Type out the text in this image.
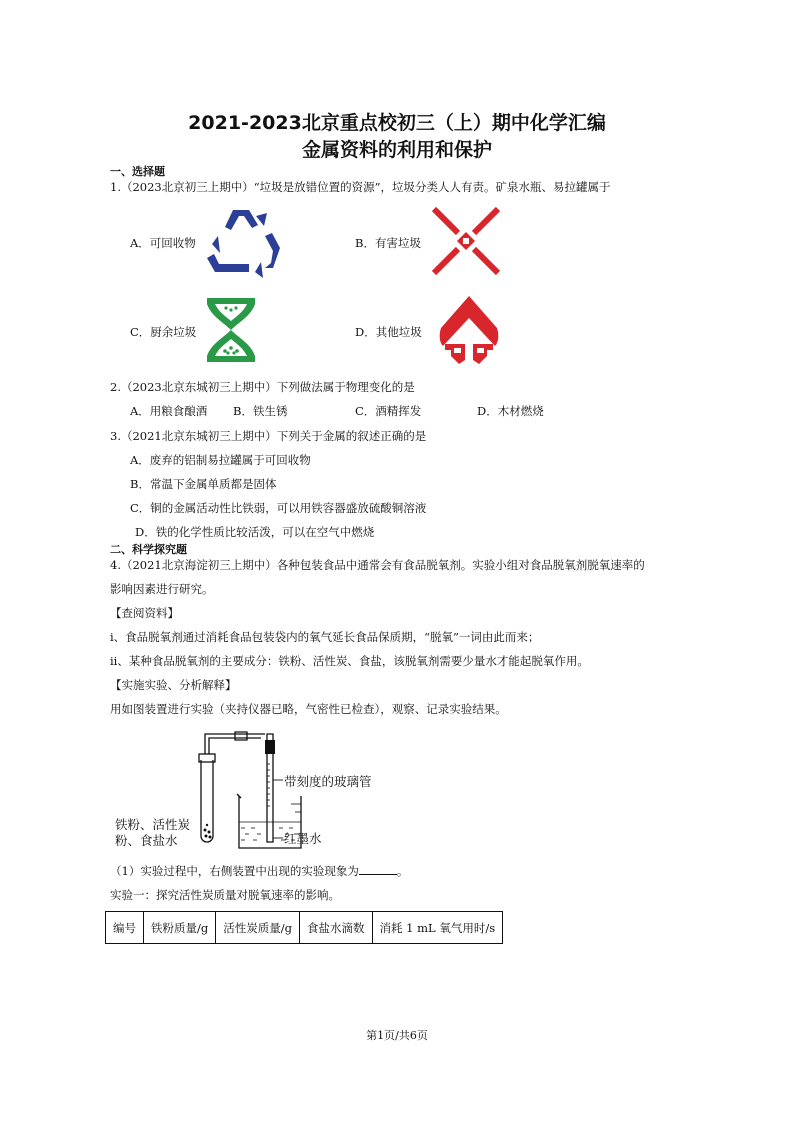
2021-2023北京重点校初三（上）期中化学汇编
金属资料的利用和保护
一、选择题
1.（2023北京初三上期中）“垃圾是放错位置的资源”，垃圾分类人人有责。矿泉水瓶、易拉罐属于
A．可回收物	B．有害垃圾
C．厨余垃圾	D．其他垃圾
2.（2023北京东城初三上期中）下列做法属于物理变化的是
A．用粮食酿酒 B．铁生锈	C．酒精挥发	D．木材燃烧
3.（2021北京东城初三上期中）下列关于金属的叙述正确的是
A．废弃的铝制易拉罐属于可回收物
B．常温下金属单质都是固体
C．铜的金属活动性比铁弱，可以用铁容器盛放硫酸铜溶液
D．铁的化学性质比较活泼，可以在空气中燃烧
二、科学探究题
4.（2021北京海淀初三上期中）各种包装食品中通常会有食品脱氧剂。实验小组对食品脱氧剂脱氧速率的
影响因素进行研究。
【查阅资料】
i、食品脱氧剂通过消耗食品包装袋内的氧气延长食品保质期，“脱氧”一词由此而来；
ii、某种食品脱氧剂的主要成分：铁粉、活性炭、食盐，该脱氧剂需要少量水才能起脱氧作用。
【实施实验、分析解释】
用如图装置进行实验（夹持仪器已略，气密性已检查），观察、记录实验结果。
带刻度的玻璃管
红墨水
铁粉、活性炭
粉、食盐水
（1）实验过程中，右侧装置中出现的实验现象为	。
实验一：探究活性炭质量对脱氧速率的影响。
编号	铁粉质量/g	活性炭质量/g	食盐水滴数	消耗 1 mL 氧气用时/s
第1页/共6页
